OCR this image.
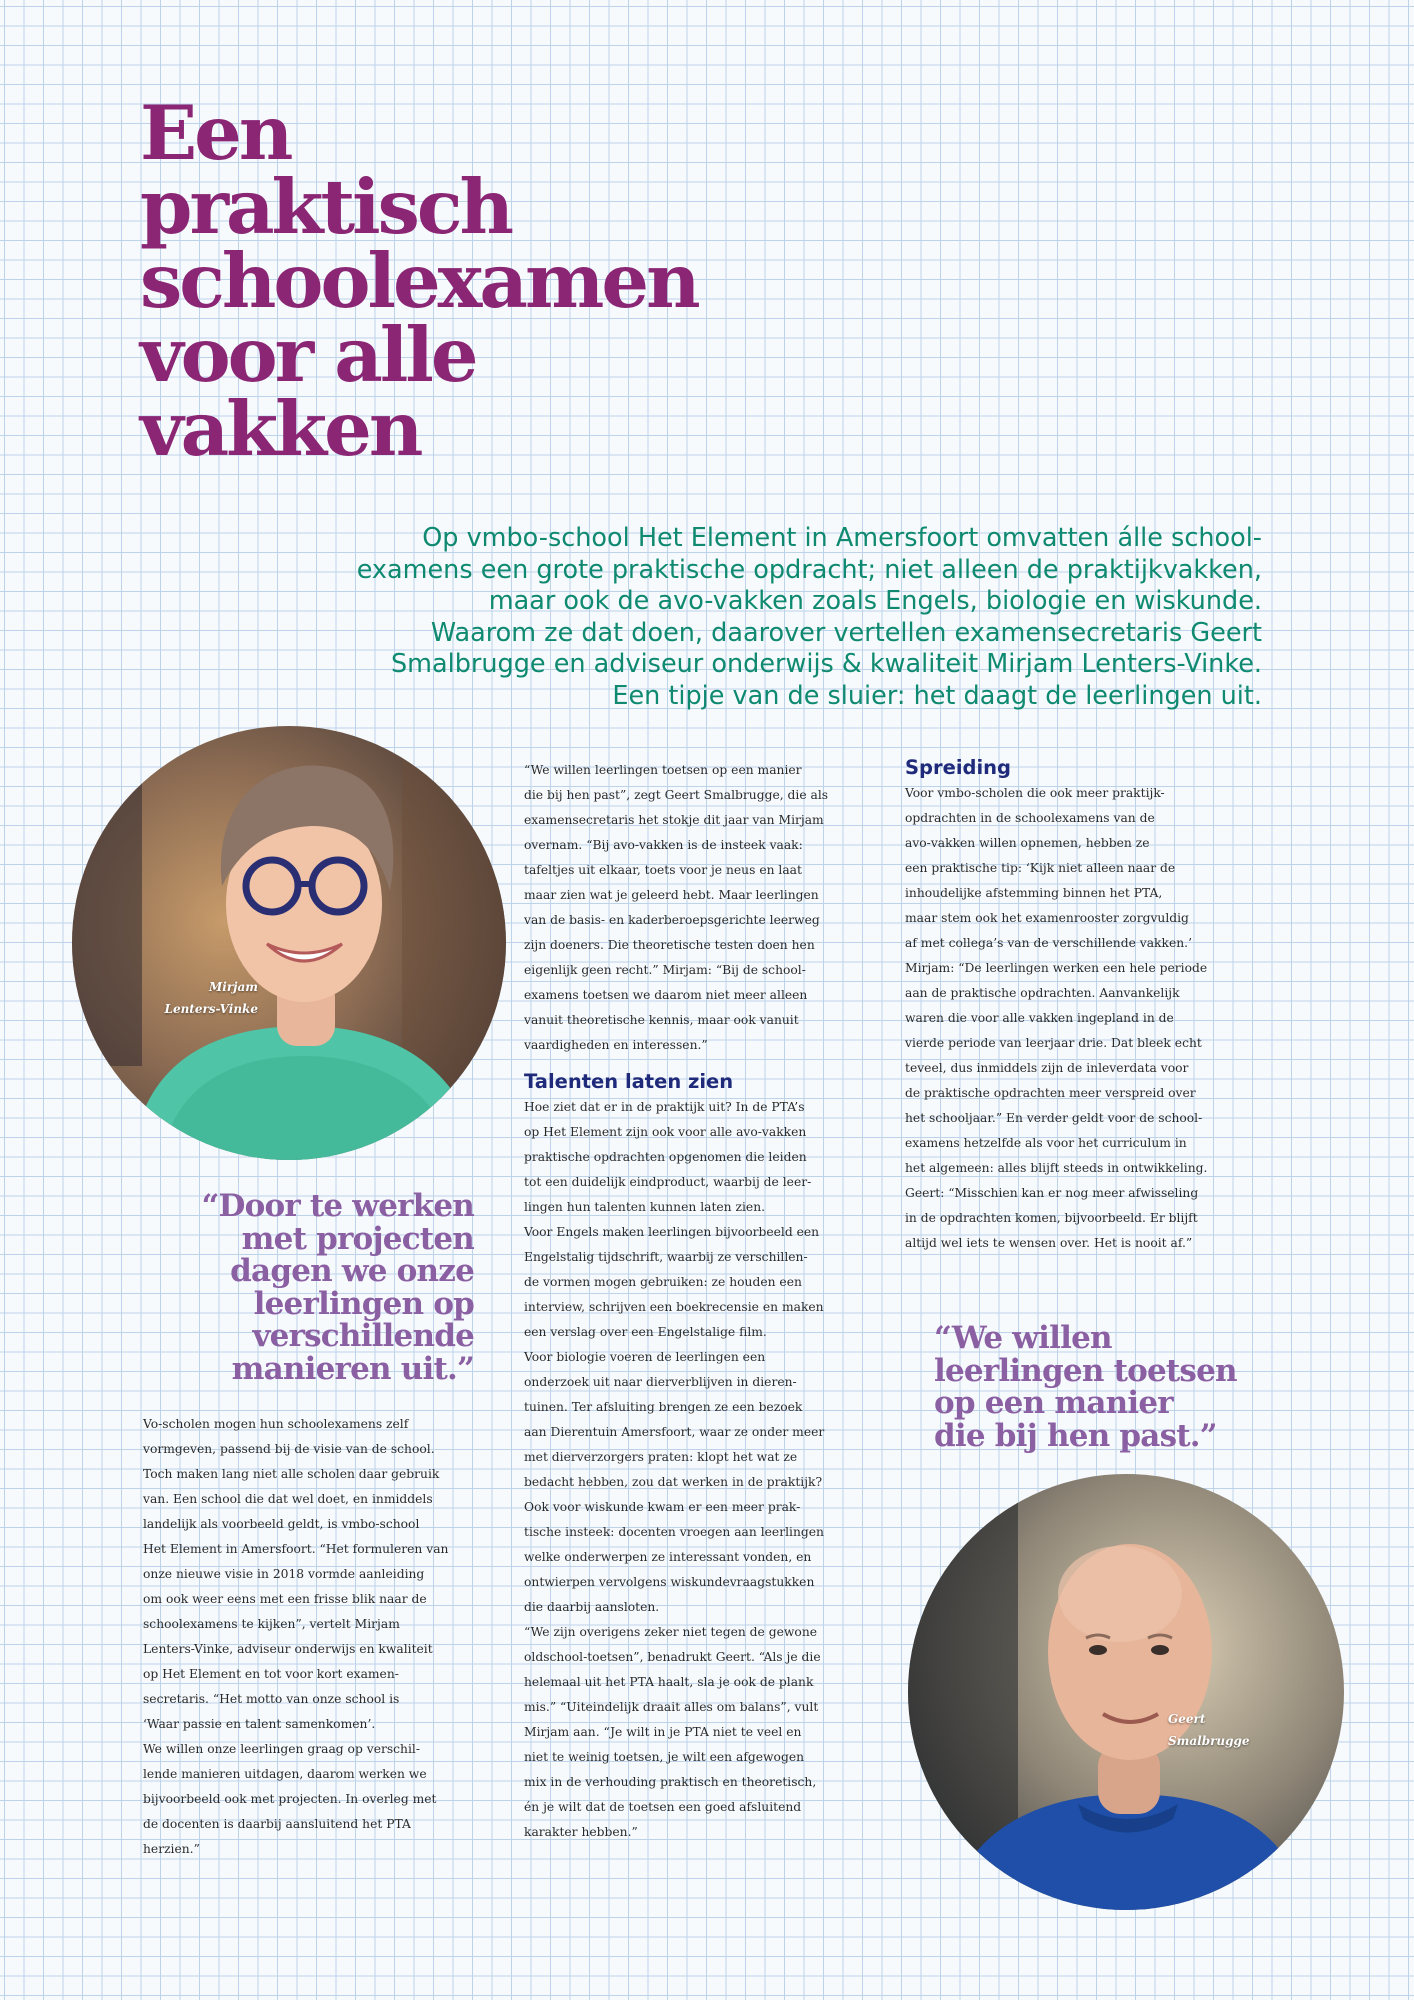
Een
praktisch
schoolexamen
voor alle
vakken

Op vmbo-school Het Element in Amersfoort omvatten álle school-
examens een grote praktische opdracht; niet alleen de praktijkvakken,
maar ook de avo-vakken zoals Engels, biologie en wiskunde.
Waarom ze dat doen, daarover vertellen examensecretaris Geert
Smalbrugge en adviseur onderwijs & kwaliteit Mirjam Lenters-Vinke.
Een tipje van de sluier: het daagt de leerlingen uit.

Mirjam
Lenters-Vinke

“Door te werken
met projecten
dagen we onze
leerlingen op
verschillende
manieren uit.”

Vo-scholen mogen hun schoolexamens zelf
vormgeven, passend bij de visie van de school.
Toch maken lang niet alle scholen daar gebruik
van. Een school die dat wel doet, en inmiddels
landelijk als voorbeeld geldt, is vmbo-school
Het Element in Amersfoort. “Het formuleren van
onze nieuwe visie in 2018 vormde aanleiding
om ook weer eens met een frisse blik naar de
schoolexamens te kijken”, vertelt Mirjam
Lenters-Vinke, adviseur onderwijs en kwaliteit
op Het Element en tot voor kort examen-
secretaris. “Het motto van onze school is
‘Waar passie en talent samenkomen’.
We willen onze leerlingen graag op verschil-
lende manieren uitdagen, daarom werken we
bijvoorbeeld ook met projecten. In overleg met
de docenten is daarbij aansluitend het PTA
herzien.”

“We willen leerlingen toetsen op een manier
die bij hen past”, zegt Geert Smalbrugge, die als
examensecretaris het stokje dit jaar van Mirjam
overnam. “Bij avo-vakken is de insteek vaak:
tafeltjes uit elkaar, toets voor je neus en laat
maar zien wat je geleerd hebt. Maar leerlingen
van de basis- en kaderberoepsgerichte leerweg
zijn doeners. Die theoretische testen doen hen
eigenlijk geen recht.” Mirjam: “Bij de school-
examens toetsen we daarom niet meer alleen
vanuit theoretische kennis, maar ook vanuit
vaardigheden en interessen.”

Talenten laten zien

Hoe ziet dat er in de praktijk uit? In de PTA’s
op Het Element zijn ook voor alle avo-vakken
praktische opdrachten opgenomen die leiden
tot een duidelijk eindproduct, waarbij de leer-
lingen hun talenten kunnen laten zien.
Voor Engels maken leerlingen bijvoorbeeld een
Engelstalig tijdschrift, waarbij ze verschillen-
de vormen mogen gebruiken: ze houden een
interview, schrijven een boekrecensie en maken
een verslag over een Engelstalige film.
Voor biologie voeren de leerlingen een
onderzoek uit naar dierverblijven in dieren-
tuinen. Ter afsluiting brengen ze een bezoek
aan Dierentuin Amersfoort, waar ze onder meer
met dierverzorgers praten: klopt het wat ze
bedacht hebben, zou dat werken in de praktijk?
Ook voor wiskunde kwam er een meer prak-
tische insteek: docenten vroegen aan leerlingen
welke onderwerpen ze interessant vonden, en
ontwierpen vervolgens wiskundevraagstukken
die daarbij aansloten.
“We zijn overigens zeker niet tegen de gewone
oldschool-toetsen”, benadrukt Geert. “Als je die
helemaal uit het PTA haalt, sla je ook de plank
mis.” “Uiteindelijk draait alles om balans”, vult
Mirjam aan. “Je wilt in je PTA niet te veel en
niet te weinig toetsen, je wilt een afgewogen
mix in de verhouding praktisch en theoretisch,
én je wilt dat de toetsen een goed afsluitend
karakter hebben.”

Spreiding

Voor vmbo-scholen die ook meer praktijk-
opdrachten in de schoolexamens van de
avo-vakken willen opnemen, hebben ze
een praktische tip: ‘Kijk niet alleen naar de
inhoudelijke afstemming binnen het PTA,
maar stem ook het examenrooster zorgvuldig
af met collega’s van de verschillende vakken.’
Mirjam: “De leerlingen werken een hele periode
aan de praktische opdrachten. Aanvankelijk
waren die voor alle vakken ingepland in de
vierde periode van leerjaar drie. Dat bleek echt
teveel, dus inmiddels zijn de inleverdata voor
de praktische opdrachten meer verspreid over
het schooljaar.” En verder geldt voor de school-
examens hetzelfde als voor het curriculum in
het algemeen: alles blijft steeds in ontwikkeling.
Geert: “Misschien kan er nog meer afwisseling
in de opdrachten komen, bijvoorbeeld. Er blijft
altijd wel iets te wensen over. Het is nooit af.”

“We willen
leerlingen toetsen
op een manier
die bij hen past.”

Geert
Smalbrugge
